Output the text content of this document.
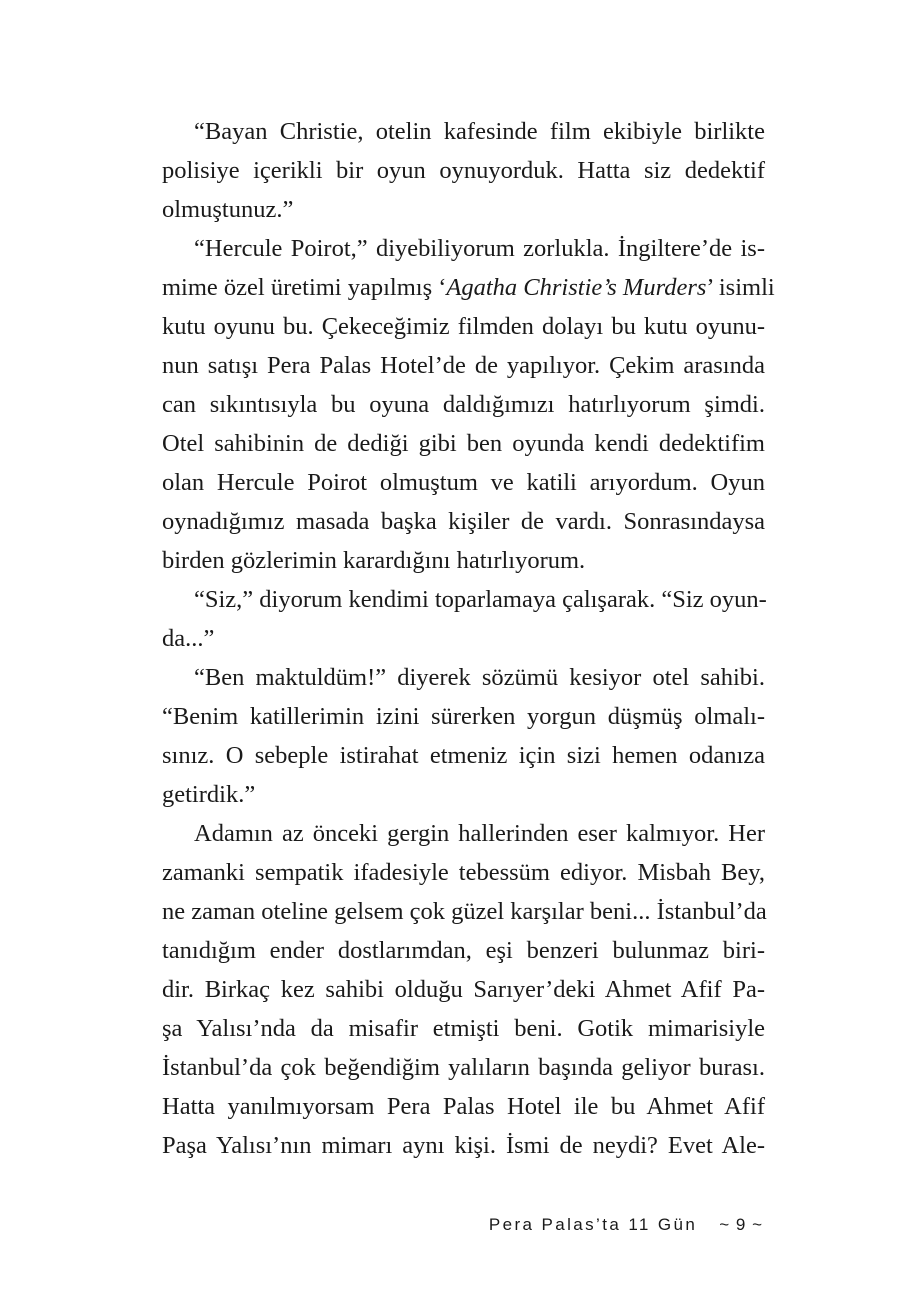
“Bayan Christie, otelin kafesinde film ekibiyle birlikte
polisiye içerikli bir oyun oynuyorduk. Hatta siz dedektif
olmuştunuz.”
“Hercule Poirot,” diyebiliyorum zorlukla. İngiltere’de is-
mime özel üretimi yapılmış ‘Agatha Christie’s Murders’ isimli
kutu oyunu bu. Çekeceğimiz filmden dolayı bu kutu oyunu-
nun satışı Pera Palas Hotel’de de yapılıyor. Çekim arasında
can sıkıntısıyla bu oyuna daldığımızı hatırlıyorum şimdi.
Otel sahibinin de dediği gibi ben oyunda kendi dedektifim
olan Hercule Poirot olmuştum ve katili arıyordum. Oyun
oynadığımız masada başka kişiler de vardı. Sonrasındaysa
birden gözlerimin karardığını hatırlıyorum.
“Siz,” diyorum kendimi toparlamaya çalışarak. “Siz oyun-
da...”
“Ben maktuldüm!” diyerek sözümü kesiyor otel sahibi.
“Benim katillerimin izini sürerken yorgun düşmüş olmalı-
sınız. O sebeple istirahat etmeniz için sizi hemen odanıza
getirdik.”
Adamın az önceki gergin hallerinden eser kalmıyor. Her
zamanki sempatik ifadesiyle tebessüm ediyor. Misbah Bey,
ne zaman oteline gelsem çok güzel karşılar beni... İstanbul’da
tanıdığım ender dostlarımdan, eşi benzeri bulunmaz biri-
dir. Birkaç kez sahibi olduğu Sarıyer’deki Ahmet Afif Pa-
şa Yalısı’nda da misafir etmişti beni. Gotik mimarisiyle
İstanbul’da çok beğendiğim yalıların başında geliyor burası.
Hatta yanılmıyorsam Pera Palas Hotel ile bu Ahmet Afif
Paşa Yalısı’nın mimarı aynı kişi. İsmi de neydi? Evet Ale-
Pera Palas’ta 11 Gün ~ 9 ~
